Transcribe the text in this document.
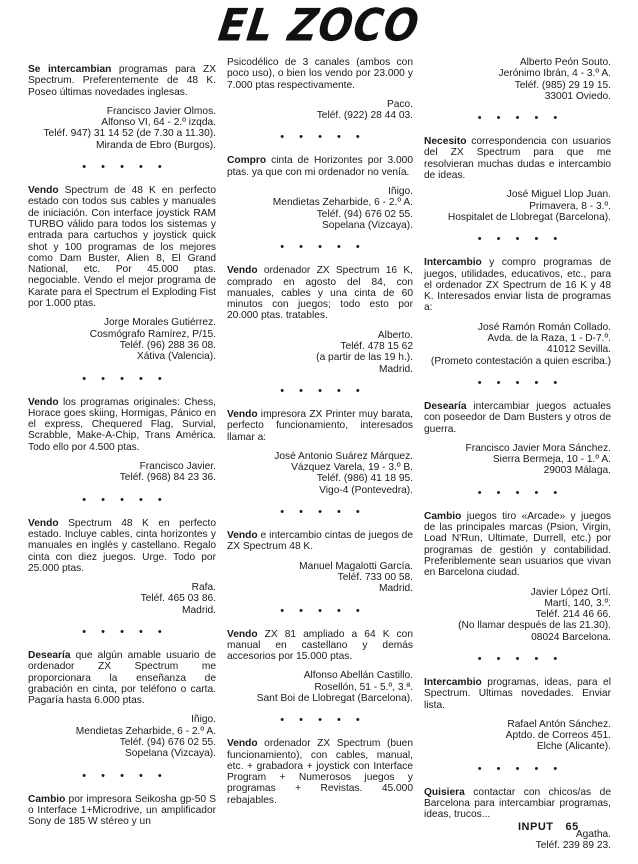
EL ZOCO

Se intercambian programas para ZX Spectrum. Preferentemente de 48 K. Poseo últimas novedades inglesas.

Francisco Javier Olmos.
Alfonso VI, 64 - 2.º izqda.
Teléf. 947) 31 14 52 (de 7.30 a 11.30).
Miranda de Ebro (Burgos).
• • • • •

Vendo Spectrum de 48 K en perfecto estado con todos sus cables y manuales de iniciación. Con interface joystick RAM TURBO válido para todos los sistemas y entrada para cartuchos y joystick quick shot y 100 programas de los mejores como Dam Buster, Alien 8, El Grand National, etc. Por 45.000 ptas. negociable. Vendo el mejor programa de Karate para el Spectrum el Exploding Fist por 1.000 ptas.

Jorge Morales Gutiérrez.
Cosmógrafo Ramírez, P/15.
Teléf. (96) 288 36 08.
Xátiva (Valencia).
• • • • •

Vendo los programas originales: Chess, Horace goes skiing, Hormigas, Pánico en el express, Chequered Flag, Survial, Scrabble, Make-A-Chip, Trans América. Todo ello por 4.500 ptas.

Francisco Javier.
Teléf. (968) 84 23 36.
• • • • •

Vendo Spectrum 48 K en perfecto estado. Incluye cables, cinta horizontes y manuales en inglés y castellano. Regalo cinta con diez juegos. Urge. Todo por 25.000 ptas.

Rafa.
Teléf. 465 03 86.
Madrid.
• • • • •

Desearía que algún amable usuario de ordenador ZX Spectrum me proporcionara la enseñanza de grabación en cinta, por teléfono o carta. Pagaría hasta 6.000 ptas.

Iñigo.
Mendietas Zeharbide, 6 - 2.º A.
Teléf. (94) 676 02 55.
Sopelana (Vizcaya).
• • • • •

Cambio por impresora Seikosha gp-50 S o Interface 1+Microdrive, un amplificador Sony de 185 W stéreo y un

Psicodélico de 3 canales (ambos con poco uso), o bien los vendo por 23.000 y 7.000 ptas respectivamente.

Paco.
Teléf. (922) 28 44 03.
• • • • •

Compro cinta de Horizontes por 3.000 ptas. ya que con mi ordenador no venía.

Iñigo.
Mendietas Zeharbide, 6 - 2.º A.
Teléf. (94) 676 02 55.
Sopelana (Vizcaya).
• • • • •

Vendo ordenador ZX Spectrum 16 K, comprado en agosto del 84, con manuales, cables y una cinta de 60 minutos con juegos; todo esto por 20.000 ptas. tratables.

Alberto.
Teléf. 478 15 62
(a partir de las 19 h.).
Madrid.
• • • • •

Vendo impresora ZX Printer muy barata, perfecto funcionamiento, interesados llamar a:

José Antonio Suárez Márquez.
Vázquez Varela, 19 - 3.º B.
Teléf. (986) 41 18 95.
Vigo-4 (Pontevedra).
• • • • •

Vendo e intercambio cintas de juegos de ZX Spectrum 48 K.

Manuel Magalotti García.
Teléf. 733 00 58.
Madrid.
• • • • •

Vendo ZX 81 ampliado a 64 K con manual en castellano y demás accesorios por 15.000 ptas.

Alfonso Abellán Castillo.
Rosellón, 51 - 5.º, 3.ª.
Sant Boi de Llobregat (Barcelona).
• • • • •

Vendo ordenador ZX Spectrum (buen funcionamiento), con cables, manual, etc. + grabadora + joystick con Interface Program + Numerosos juegos y programas + Revistas. 45.000 rebajables.

Alberto Peón Souto.
Jerónimo Ibrán, 4 - 3.º A.
Teléf. (985) 29 19 15.
33001 Oviedo.
• • • • •

Necesito correspondencia con usuarios del ZX Spectrum para que me resolvieran muchas dudas e intercambio de ideas.

José Miguel Llop Juan.
Primavera, 8 - 3.º.
Hospitalet de Llobregat (Barcelona).
• • • • •

Intercambio y compro programas de juegos, utilidades, educativos, etc., para el ordenador ZX Spectrum de 16 K y 48 K. Interesados enviar lista de programas a:

José Ramón Román Collado.
Avda. de la Raza, 1 - D-7.º.
41012 Sevilla.
(Prometo contestación a quien escriba.)
• • • • •

Desearía intercambiar juegos actuales con poseedor de Dam Busters y otros de guerra.

Francisco Javier Mora Sánchez.
Sierra Bermeja, 10 - 1.º A.
29003 Málaga.
• • • • •

Cambio juegos tiro «Arcade» y juegos de las principales marcas (Psion, Virgin, Load N'Run, Ultimate, Durrell, etc.) por programas de gestión y contabilidad. Preferiblemente sean usuarios que vivan en Barcelona ciudad.

Javier López Ortí.
Martí, 140, 3.º.
Teléf. 214 46 66.
(No llamar después de las 21.30).
08024 Barcelona.
• • • • •

Intercambio programas, ideas, para el Spectrum. Ultimas novedades. Enviar lista.

Rafael Antón Sánchez.
Aptdo. de Correos 451.
Elche (Alicante).
• • • • •

Quisiera contactar con chicos/as de Barcelona para intercambiar programas, ideas, trucos...

Agatha.
Teléf. 239 89 23.
INPUT 65
